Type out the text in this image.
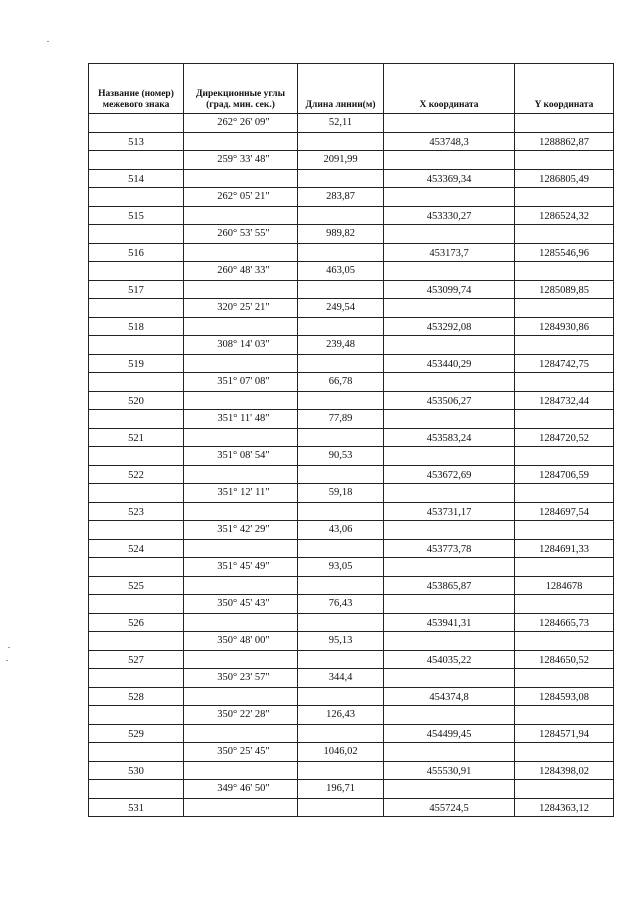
Название (номер) межевого знака	Дирекционные углы (град. мин. сек.)	Длина линии(м)	X координата	Y координата
	262° 26' 09"	52,11		
513			453748,3	1288862,87
	259° 33' 48"	2091,99		
514			453369,34	1286805,49
	262° 05' 21"	283,87		
515			453330,27	1286524,32
	260° 53' 55"	989,82		
516			453173,7	1285546,96
	260° 48' 33"	463,05		
517			453099,74	1285089,85
	320° 25' 21"	249,54		
518			453292,08	1284930,86
	308° 14' 03"	239,48		
519			453440,29	1284742,75
	351° 07' 08"	66,78		
520			453506,27	1284732,44
	351° 11' 48"	77,89		
521			453583,24	1284720,52
	351° 08' 54"	90,53		
522			453672,69	1284706,59
	351° 12' 11"	59,18		
523			453731,17	1284697,54
	351° 42' 29"	43,06		
524			453773,78	1284691,33
	351° 45' 49"	93,05		
525			453865,87	1284678
	350° 45' 43"	76,43		
526			453941,31	1284665,73
	350° 48' 00"	95,13		
527			454035,22	1284650,52
	350° 23' 57"	344,4		
528			454374,8	1284593,08
	350° 22' 28"	126,43		
529			454499,45	1284571,94
	350° 25' 45"	1046,02		
530			455530,91	1284398,02
	349° 46' 50"	196,71		
531			455724,5	1284363,12
